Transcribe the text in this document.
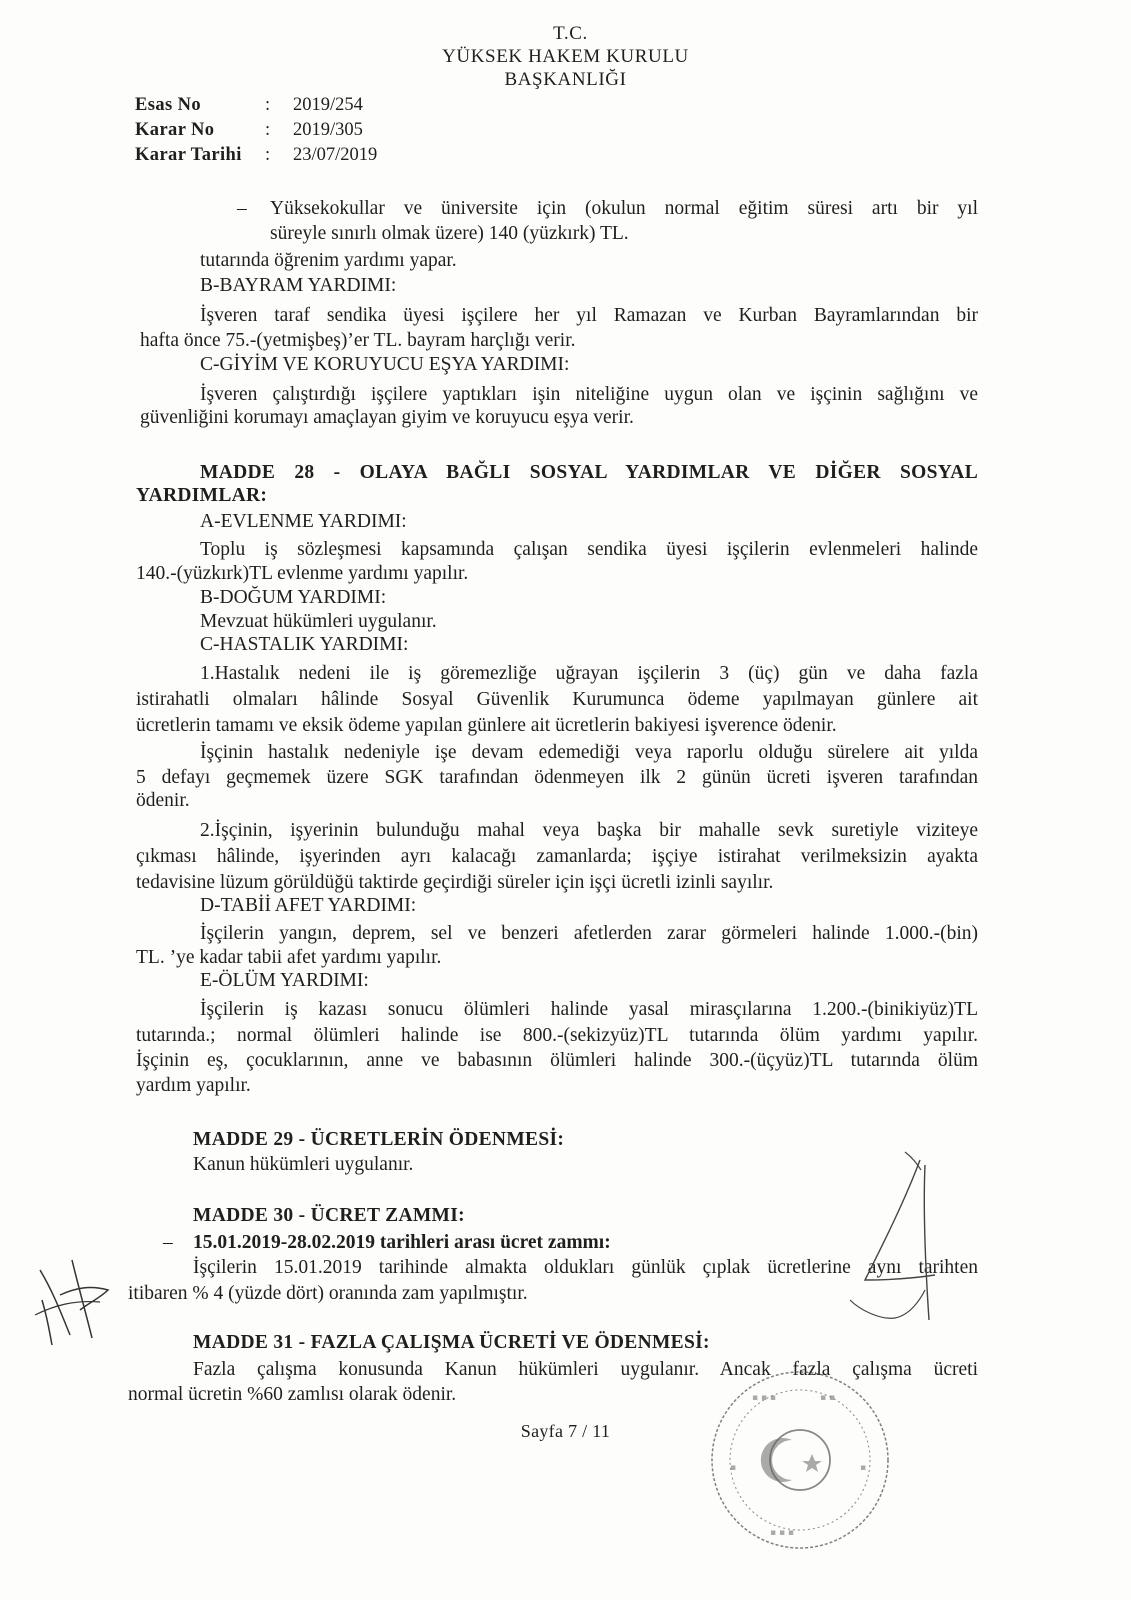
T.C.
YÜKSEK HAKEM KURULU
BAŞKANLIĞI
Esas No	:	2019/254
Karar No	:	2019/305
Karar Tarihi	:	23/07/2019
– Yüksekokullar ve üniversite için (okulun normal eğitim süresi artı bir yıl
süreyle sınırlı olmak üzere) 140 (yüzkırk) TL.
tutarında öğrenim yardımı yapar.
B-BAYRAM YARDIMI:
İşveren taraf sendika üyesi işçilere her yıl Ramazan ve Kurban Bayramlarından bir
hafta önce 75.-(yetmişbeş)’er TL. bayram harçlığı verir.
C-GİYİM VE KORUYUCU EŞYA YARDIMI:
İşveren çalıştırdığı işçilere yaptıkları işin niteliğine uygun olan ve işçinin sağlığını ve
güvenliğini korumayı amaçlayan giyim ve koruyucu eşya verir.
MADDE 28 - OLAYA BAĞLI SOSYAL YARDIMLAR VE DİĞER SOSYAL
YARDIMLAR:
A-EVLENME YARDIMI:
Toplu iş sözleşmesi kapsamında çalışan sendika üyesi işçilerin evlenmeleri halinde
140.-(yüzkırk)TL evlenme yardımı yapılır.
B-DOĞUM YARDIMI:
Mevzuat hükümleri uygulanır.
C-HASTALIK YARDIMI:
1.Hastalık nedeni ile iş göremezliğe uğrayan işçilerin 3 (üç) gün ve daha fazla
istirahatli olmaları hâlinde Sosyal Güvenlik Kurumunca ödeme yapılmayan günlere ait
ücretlerin tamamı ve eksik ödeme yapılan günlere ait ücretlerin bakiyesi işverence ödenir.
İşçinin hastalık nedeniyle işe devam edemediği veya raporlu olduğu sürelere ait yılda
5 defayı geçmemek üzere SGK tarafından ödenmeyen ilk 2 günün ücreti işveren tarafından
ödenir.
2.İşçinin, işyerinin bulunduğu mahal veya başka bir mahalle sevk suretiyle viziteye
çıkması hâlinde, işyerinden ayrı kalacağı zamanlarda; işçiye istirahat verilmeksizin ayakta
tedavisine lüzum görüldüğü taktirde geçirdiği süreler için işçi ücretli izinli sayılır.
D-TABİİ AFET YARDIMI:
İşçilerin yangın, deprem, sel ve benzeri afetlerden zarar görmeleri halinde 1.000.-(bin)
TL. ’ye kadar tabii afet yardımı yapılır.
E-ÖLÜM YARDIMI:
İşçilerin iş kazası sonucu ölümleri halinde yasal mirasçılarına 1.200.-(binikiyüz)TL
tutarında.; normal ölümleri halinde ise 800.-(sekizyüz)TL tutarında ölüm yardımı yapılır.
İşçinin eş, çocuklarının, anne ve babasının ölümleri halinde 300.-(üçyüz)TL tutarında ölüm
yardım yapılır.
MADDE 29 - ÜCRETLERİN ÖDENMESİ:
Kanun hükümleri uygulanır.
MADDE 30 - ÜCRET ZAMMI:
– 15.01.2019-28.02.2019 tarihleri arası ücret zammı:
İşçilerin 15.01.2019 tarihinde almakta oldukları günlük çıplak ücretlerine aynı tarihten
itibaren % 4 (yüzde dört) oranında zam yapılmıştır.
MADDE 31 - FAZLA ÇALIŞMA ÜCRETİ VE ÖDENMESİ:
Fazla çalışma konusunda Kanun hükümleri uygulanır. Ancak fazla çalışma ücreti
normal ücretin %60 zamlısı olarak ödenir.
Sayfa 7 / 11
▪ ▪ ▪	▪ ▪
▪	▪
▪ ▪ ▪
